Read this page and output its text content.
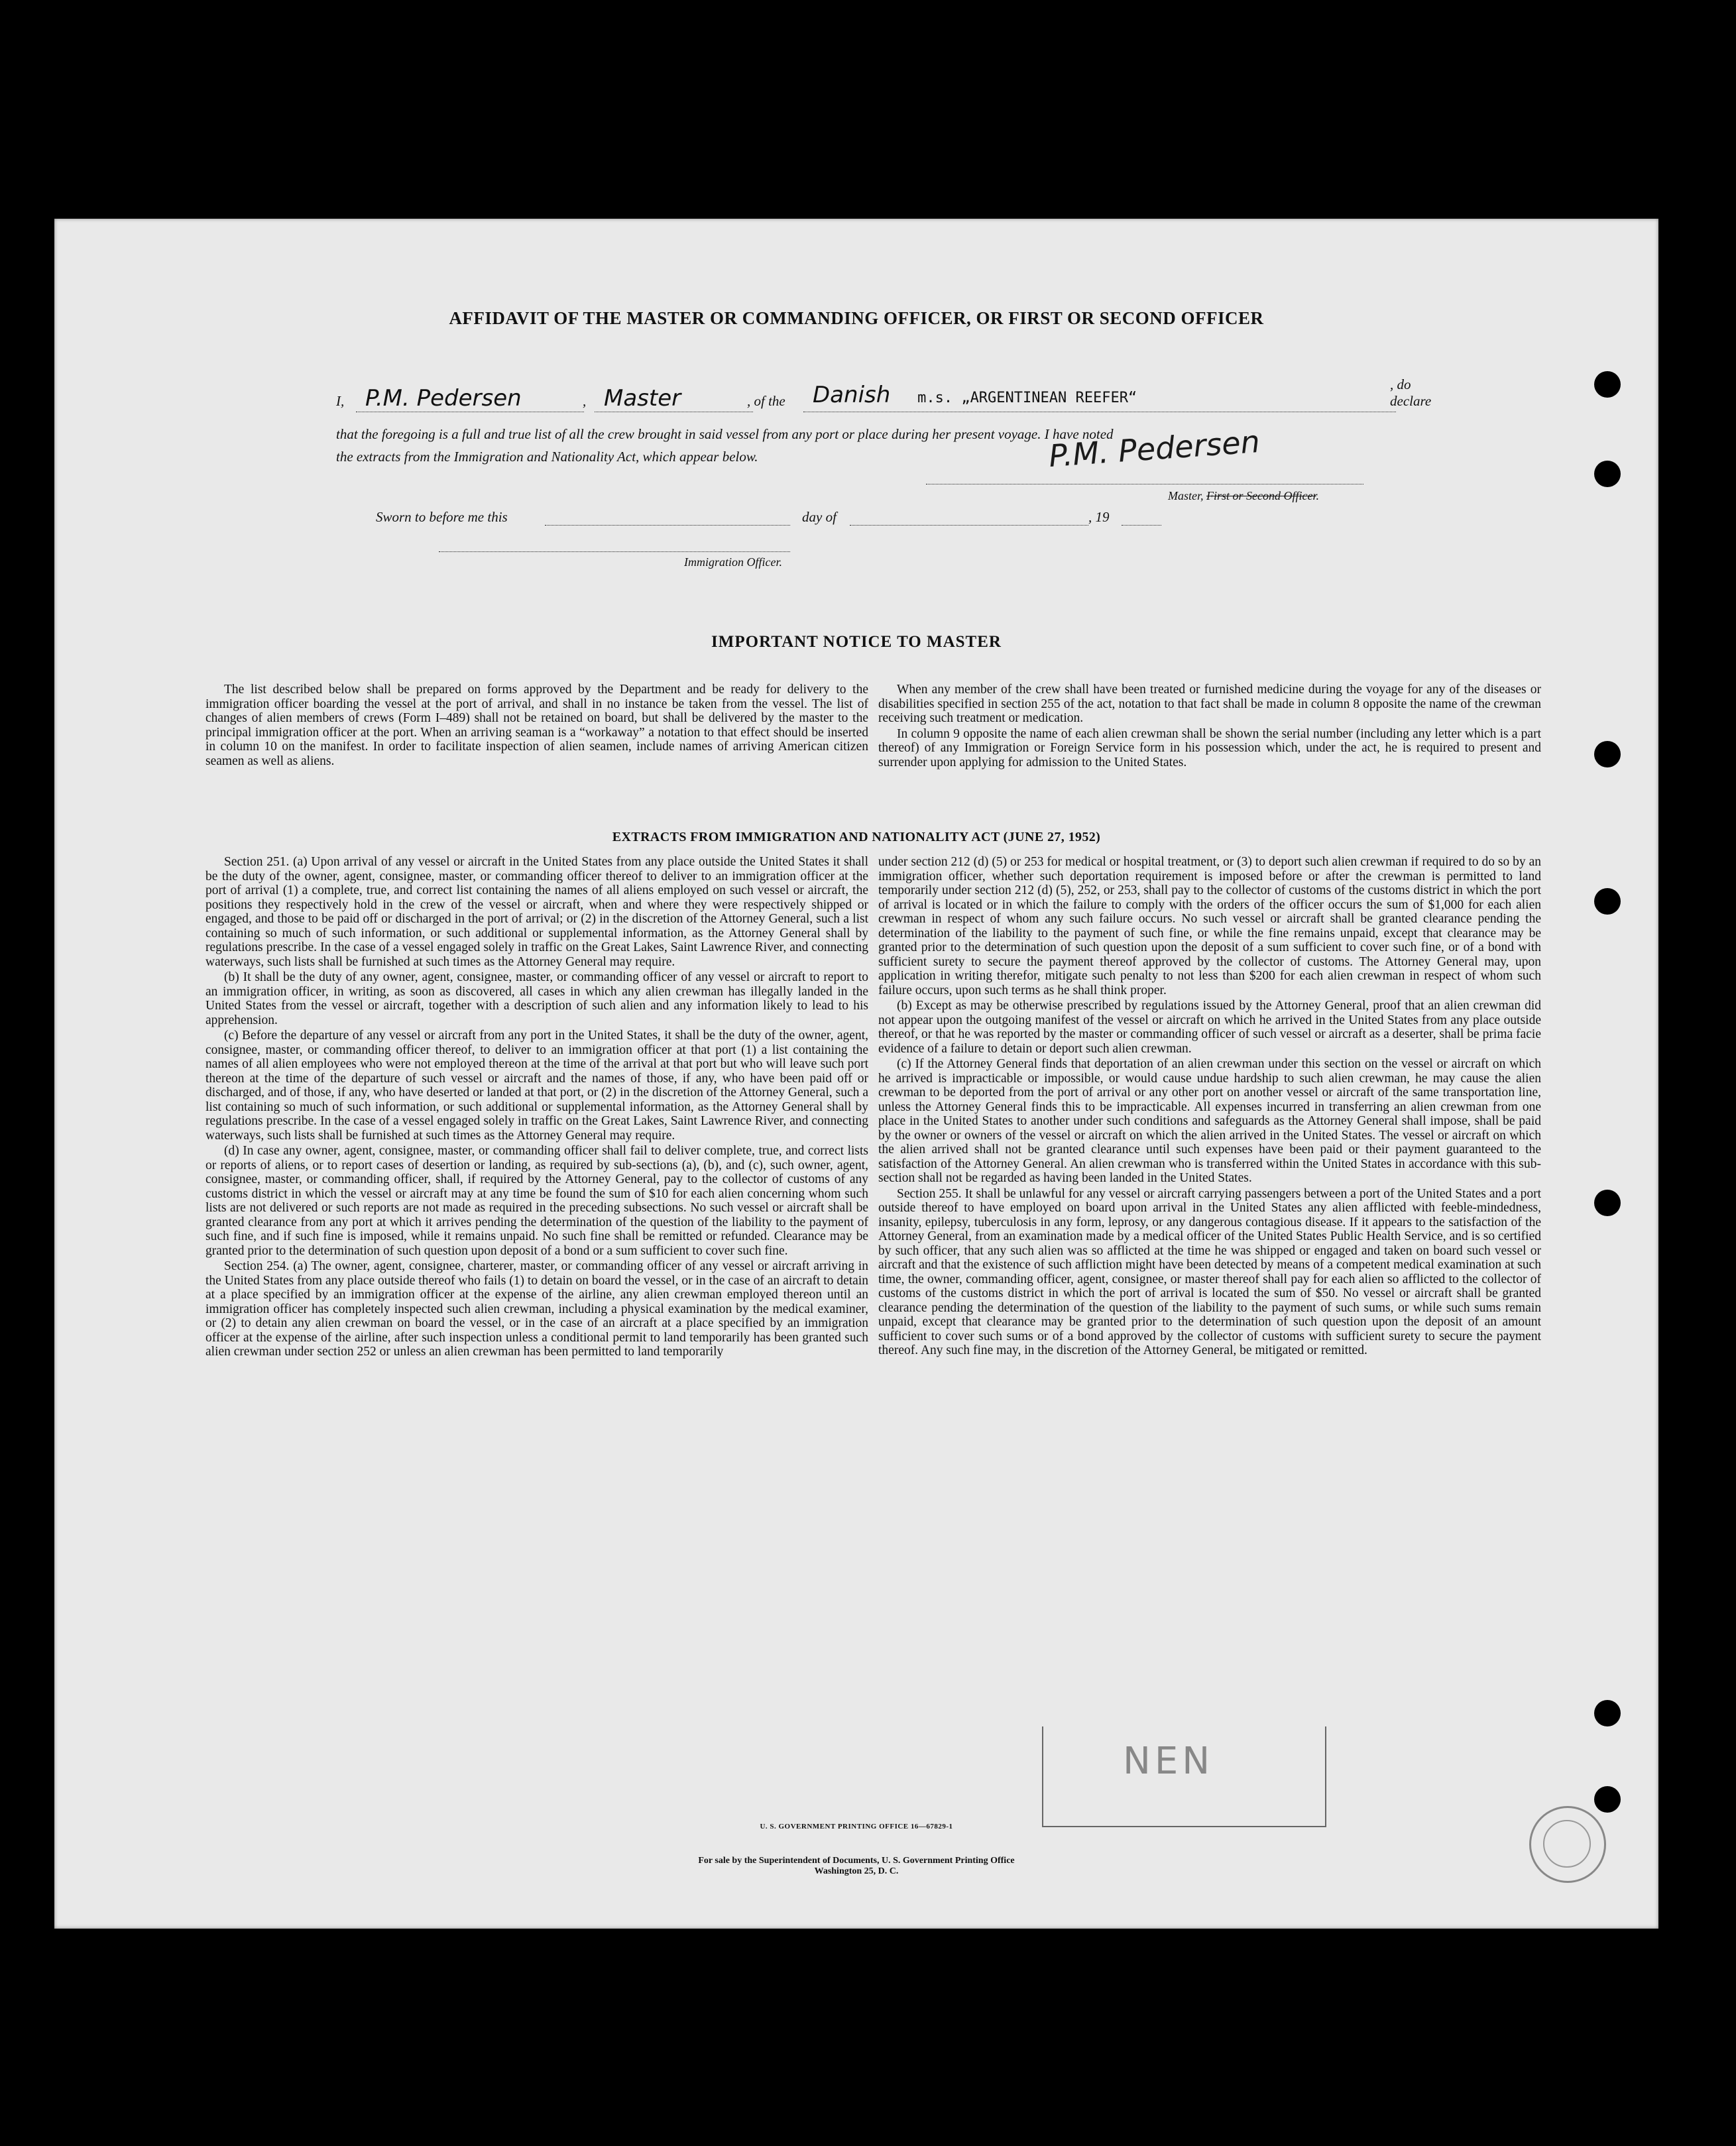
AFFIDAVIT OF THE MASTER OR COMMANDING OFFICER, OR FIRST OR SECOND OFFICER
I, P.M. Pedersen	, Master	, of the	Danish m.s. „ARGENTINEAN REEFER“
, do declare
that the foregoing is a full and true list of all the crew brought in said vessel from any port or place during her present voyage. I have noted
the extracts from the Immigration and Nationality Act, which appear below.	P.M. Pedersen
Master, First or Second Officer.
Sworn to before me this	day of	, 19
Immigration Officer.
IMPORTANT NOTICE TO MASTER

The list described below shall be prepared on forms approved by the Department and be ready for delivery to the immigration officer boarding the vessel at the port of arrival, and shall in no instance be taken from the vessel. The list of changes of alien members of crews (Form I–489) shall not be retained on board, but shall be delivered by the master to the principal immigration officer at the port. When an arriving seaman is a “workaway” a notation to that effect should be inserted in column 10 on the manifest. In order to facilitate inspection of alien seamen, include names of arriving American citizen seamen as well as aliens.

When any member of the crew shall have been treated or furnished medicine during the voyage for any of the diseases or disabilities specified in section 255 of the act, notation to that fact shall be made in column 8 opposite the name of the crewman receiving such treatment or medication.

In column 9 opposite the name of each alien crewman shall be shown the serial number (including any letter which is a part thereof) of any Immigration or Foreign Service form in his possession which, under the act, he is required to present and surrender upon applying for admission to the United States.

EXTRACTS FROM IMMIGRATION AND NATIONALITY ACT (JUNE 27, 1952)

Section 251. (a) Upon arrival of any vessel or aircraft in the United States from any place outside the United States it shall be the duty of the owner, agent, consignee, master, or commanding officer thereof to deliver to an immigration officer at the port of arrival (1) a complete, true, and correct list containing the names of all aliens employed on such vessel or aircraft, the positions they respectively hold in the crew of the vessel or aircraft, when and where they were respectively shipped or engaged, and those to be paid off or discharged in the port of arrival; or (2) in the discretion of the Attorney General, such a list containing so much of such information, or such additional or supplemental information, as the Attorney General shall by regulations prescribe. In the case of a vessel engaged solely in traffic on the Great Lakes, Saint Lawrence River, and connecting waterways, such lists shall be furnished at such times as the Attorney General may require.

(b) It shall be the duty of any owner, agent, consignee, master, or commanding officer of any vessel or aircraft to report to an immigration officer, in writing, as soon as discovered, all cases in which any alien crewman has illegally landed in the United States from the vessel or aircraft, together with a description of such alien and any information likely to lead to his apprehension.

(c) Before the departure of any vessel or aircraft from any port in the United States, it shall be the duty of the owner, agent, consignee, master, or commanding officer thereof, to deliver to an immigration officer at that port (1) a list containing the names of all alien employees who were not employed thereon at the time of the arrival at that port but who will leave such port thereon at the time of the departure of such vessel or aircraft and the names of those, if any, who have been paid off or discharged, and of those, if any, who have deserted or landed at that port, or (2) in the discretion of the Attorney General, such a list containing so much of such information, or such additional or supplemental information, as the Attorney General shall by regulations prescribe. In the case of a vessel engaged solely in traffic on the Great Lakes, Saint Lawrence River, and connecting waterways, such lists shall be furnished at such times as the Attorney General may require.

(d) In case any owner, agent, consignee, master, or commanding officer shall fail to deliver complete, true, and correct lists or reports of aliens, or to report cases of desertion or landing, as required by sub-sections (a), (b), and (c), such owner, agent, consignee, master, or commanding officer, shall, if required by the Attorney General, pay to the collector of customs of any customs district in which the vessel or aircraft may at any time be found the sum of $10 for each alien concerning whom such lists are not delivered or such reports are not made as required in the preceding subsections. No such vessel or aircraft shall be granted clearance from any port at which it arrives pending the determination of the question of the liability to the payment of such fine, and if such fine is imposed, while it remains unpaid. No such fine shall be remitted or refunded. Clearance may be granted prior to the determination of such question upon deposit of a bond or a sum sufficient to cover such fine.

Section 254. (a) The owner, agent, consignee, charterer, master, or commanding officer of any vessel or aircraft arriving in the United States from any place outside thereof who fails (1) to detain on board the vessel, or in the case of an aircraft to detain at a place specified by an immigration officer at the expense of the airline, any alien crewman employed thereon until an immigration officer has completely inspected such alien crewman, including a physical examination by the medical examiner, or (2) to detain any alien crewman on board the vessel, or in the case of an aircraft at a place specified by an immigration officer at the expense of the airline, after such inspection unless a conditional permit to land temporarily has been granted such alien crewman under section 252 or unless an alien crewman has been permitted to land temporarily

under section 212 (d) (5) or 253 for medical or hospital treatment, or (3) to deport such alien crewman if required to do so by an immigration officer, whether such deportation requirement is imposed before or after the crewman is permitted to land temporarily under section 212 (d) (5), 252, or 253, shall pay to the collector of customs of the customs district in which the port of arrival is located or in which the failure to comply with the orders of the officer occurs the sum of $1,000 for each alien crewman in respect of whom any such failure occurs. No such vessel or aircraft shall be granted clearance pending the determination of the liability to the payment of such fine, or while the fine remains unpaid, except that clearance may be granted prior to the determination of such question upon the deposit of a sum sufficient to cover such fine, or of a bond with sufficient surety to secure the payment thereof approved by the collector of customs. The Attorney General may, upon application in writing therefor, mitigate such penalty to not less than $200 for each alien crewman in respect of whom such failure occurs, upon such terms as he shall think proper.

(b) Except as may be otherwise prescribed by regulations issued by the Attorney General, proof that an alien crewman did not appear upon the outgoing manifest of the vessel or aircraft on which he arrived in the United States from any place outside thereof, or that he was reported by the master or commanding officer of such vessel or aircraft as a deserter, shall be prima facie evidence of a failure to detain or deport such alien crewman.

(c) If the Attorney General finds that deportation of an alien crewman under this section on the vessel or aircraft on which he arrived is impracticable or impossible, or would cause undue hardship to such alien crewman, he may cause the alien crewman to be deported from the port of arrival or any other port on another vessel or aircraft of the same transportation line, unless the Attorney General finds this to be impracticable. All expenses incurred in transferring an alien crewman from one place in the United States to another under such conditions and safeguards as the Attorney General shall impose, shall be paid by the owner or owners of the vessel or aircraft on which the alien arrived in the United States. The vessel or aircraft on which the alien arrived shall not be granted clearance until such expenses have been paid or their payment guaranteed to the satisfaction of the Attorney General. An alien crewman who is transferred within the United States in accordance with this sub-section shall not be regarded as having been landed in the United States.

Section 255. It shall be unlawful for any vessel or aircraft carrying passengers between a port of the United States and a port outside thereof to have employed on board upon arrival in the United States any alien afflicted with feeble-mindedness, insanity, epilepsy, tuberculosis in any form, leprosy, or any dangerous contagious disease. If it appears to the satisfaction of the Attorney General, from an examination made by a medical officer of the United States Public Health Service, and is so certified by such officer, that any such alien was so afflicted at the time he was shipped or engaged and taken on board such vessel or aircraft and that the existence of such affliction might have been detected by means of a competent medical examination at such time, the owner, commanding officer, agent, consignee, or master thereof shall pay for each alien so afflicted to the collector of customs of the customs district in which the port of arrival is located the sum of $50. No vessel or aircraft shall be granted clearance pending the determination of the question of the liability to the payment of such sums, or while such sums remain unpaid, except that clearance may be granted prior to the determination of such question upon the deposit of an amount sufficient to cover such sums or of a bond approved by the collector of customs with sufficient surety to secure the payment thereof. Any such fine may, in the discretion of the Attorney General, be mitigated or remitted.

NEN
U. S. GOVERNMENT PRINTING OFFICE 16—67829-1
For sale by the Superintendent of Documents, U. S. Government Printing Office
Washington 25, D. C.
